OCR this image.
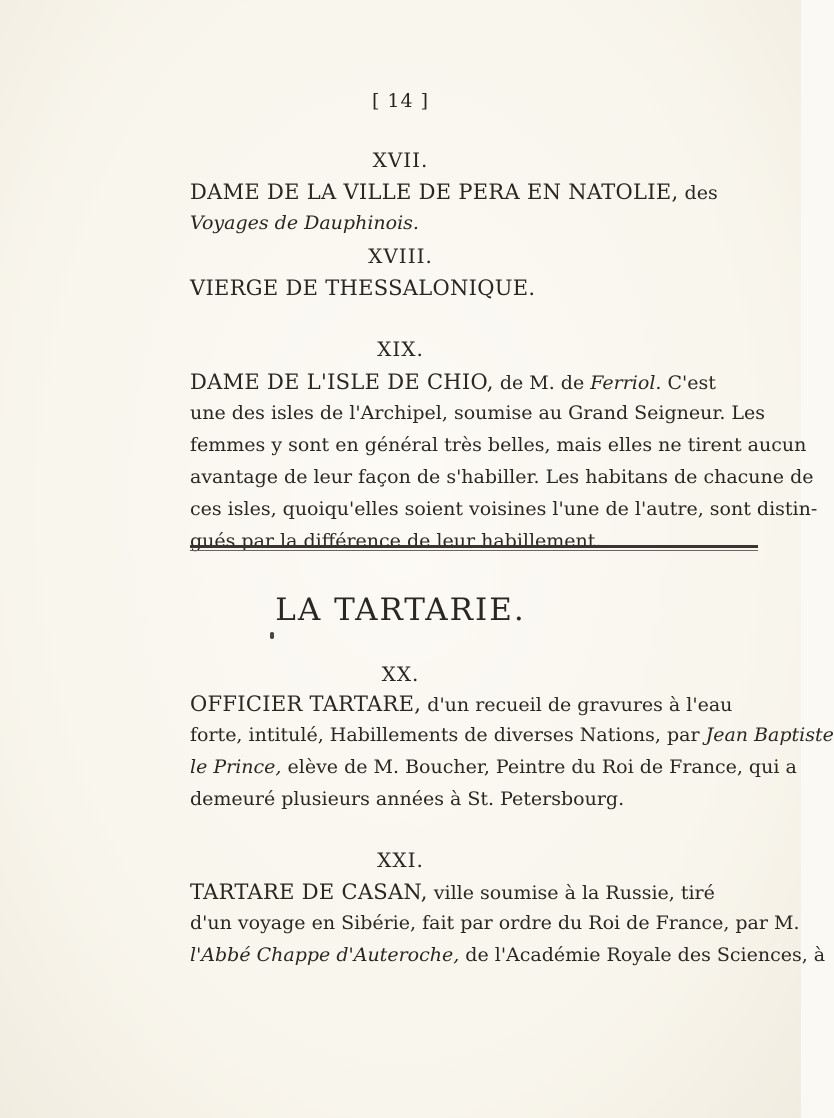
[ 14 ]
XVII.
DAME DE LA VILLE DE PERA EN NATOLIE, des
Voyages de Dauphinois.
XVIII.
VIERGE DE THESSALONIQUE.
XIX.
DAME DE L'ISLE DE CHIO, de M. de Ferriol. C'est
une des isles de l'Archipel, soumise au Grand Seigneur. Les
femmes y sont en général très belles, mais elles ne tirent aucun
avantage de leur façon de s'habiller. Les habitans de chacune de
ces isles, quoiqu'elles soient voisines l'une de l'autre, sont distin-
gués par la différence de leur habillement.
LA TARTARIE.
XX.
OFFICIER TARTARE, d'un recueil de gravures à l'eau
forte, intitulé, Habillements de diverses Nations, par Jean Baptiste
le Prince, elève de M. Boucher, Peintre du Roi de France, qui a
demeuré plusieurs années à St. Petersbourg.
XXI.
TARTARE DE CASAN, ville soumise à la Russie, tiré
d'un voyage en Sibérie, fait par ordre du Roi de France, par M.
l'Abbé Chappe d'Auteroche, de l'Académie Royale des Sciences, à
